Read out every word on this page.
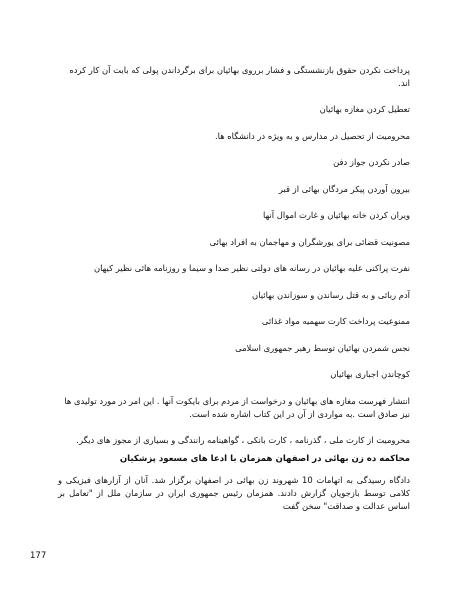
پرداخت نکردن حقوق بازنشستگی و فشار برروی بهائیان برای برگرداندن پولی که بابت آن کار کرده اند.

تعطیل کردن مغازه بهائیان

محرومیت از تحصیل در مدارس و به ویژه در دانشگاه ها.

صادر نکردن جواز دفن

بیرون آوردن پیکر مردگان بهائی از قبر

ویران کردن خانه بهائیان و غارت اموال آنها

مصونیت قضائی برای یورشگران و مهاجمان به افراد بهائی

نفرت پراکنی علیه بهائیان در رسانه های دولتی نظیر صدا و سیما و روزنامه هائی نظیر کیهان

آدم ربائی و به قتل رساندن و سوزاندن بهائیان

ممنوعیت پرداخت کارت سهمیه مواد غذائی

نجس شمردن بهائیان توسط رهبر جمهوری اسلامی

کوچاندن اجباری بهائیان

انتشار فهرست مغازه های بهائیان و درخواست از مردم برای بایکوت آنها . این امر در مورد تولیدی ها نیز صادق است .به مواردی از آن در این کتاب اشاره شده است.

محرومیت از کارت ملی ، گذرنامه ، کارت بانکی ، گواهینامه رانندگی و بسیاری از مجوز های دیگر.

محاکمه ده زن بهائی در اصفهان همزمان با ادعا های مسعود پزشکیان
دادگاه رسیدگی به اتهامات 10 شهروند زن بهائی در اصفهان برگزار شد. آنان از آزارهای فیزیکی و کلامی توسط بازجویان گزارش دادند. همزمان رئیس جمهوری ایران در سازمان ملل از "تعامل بر اساس عدالت و صداقت" سخن گفت
177
